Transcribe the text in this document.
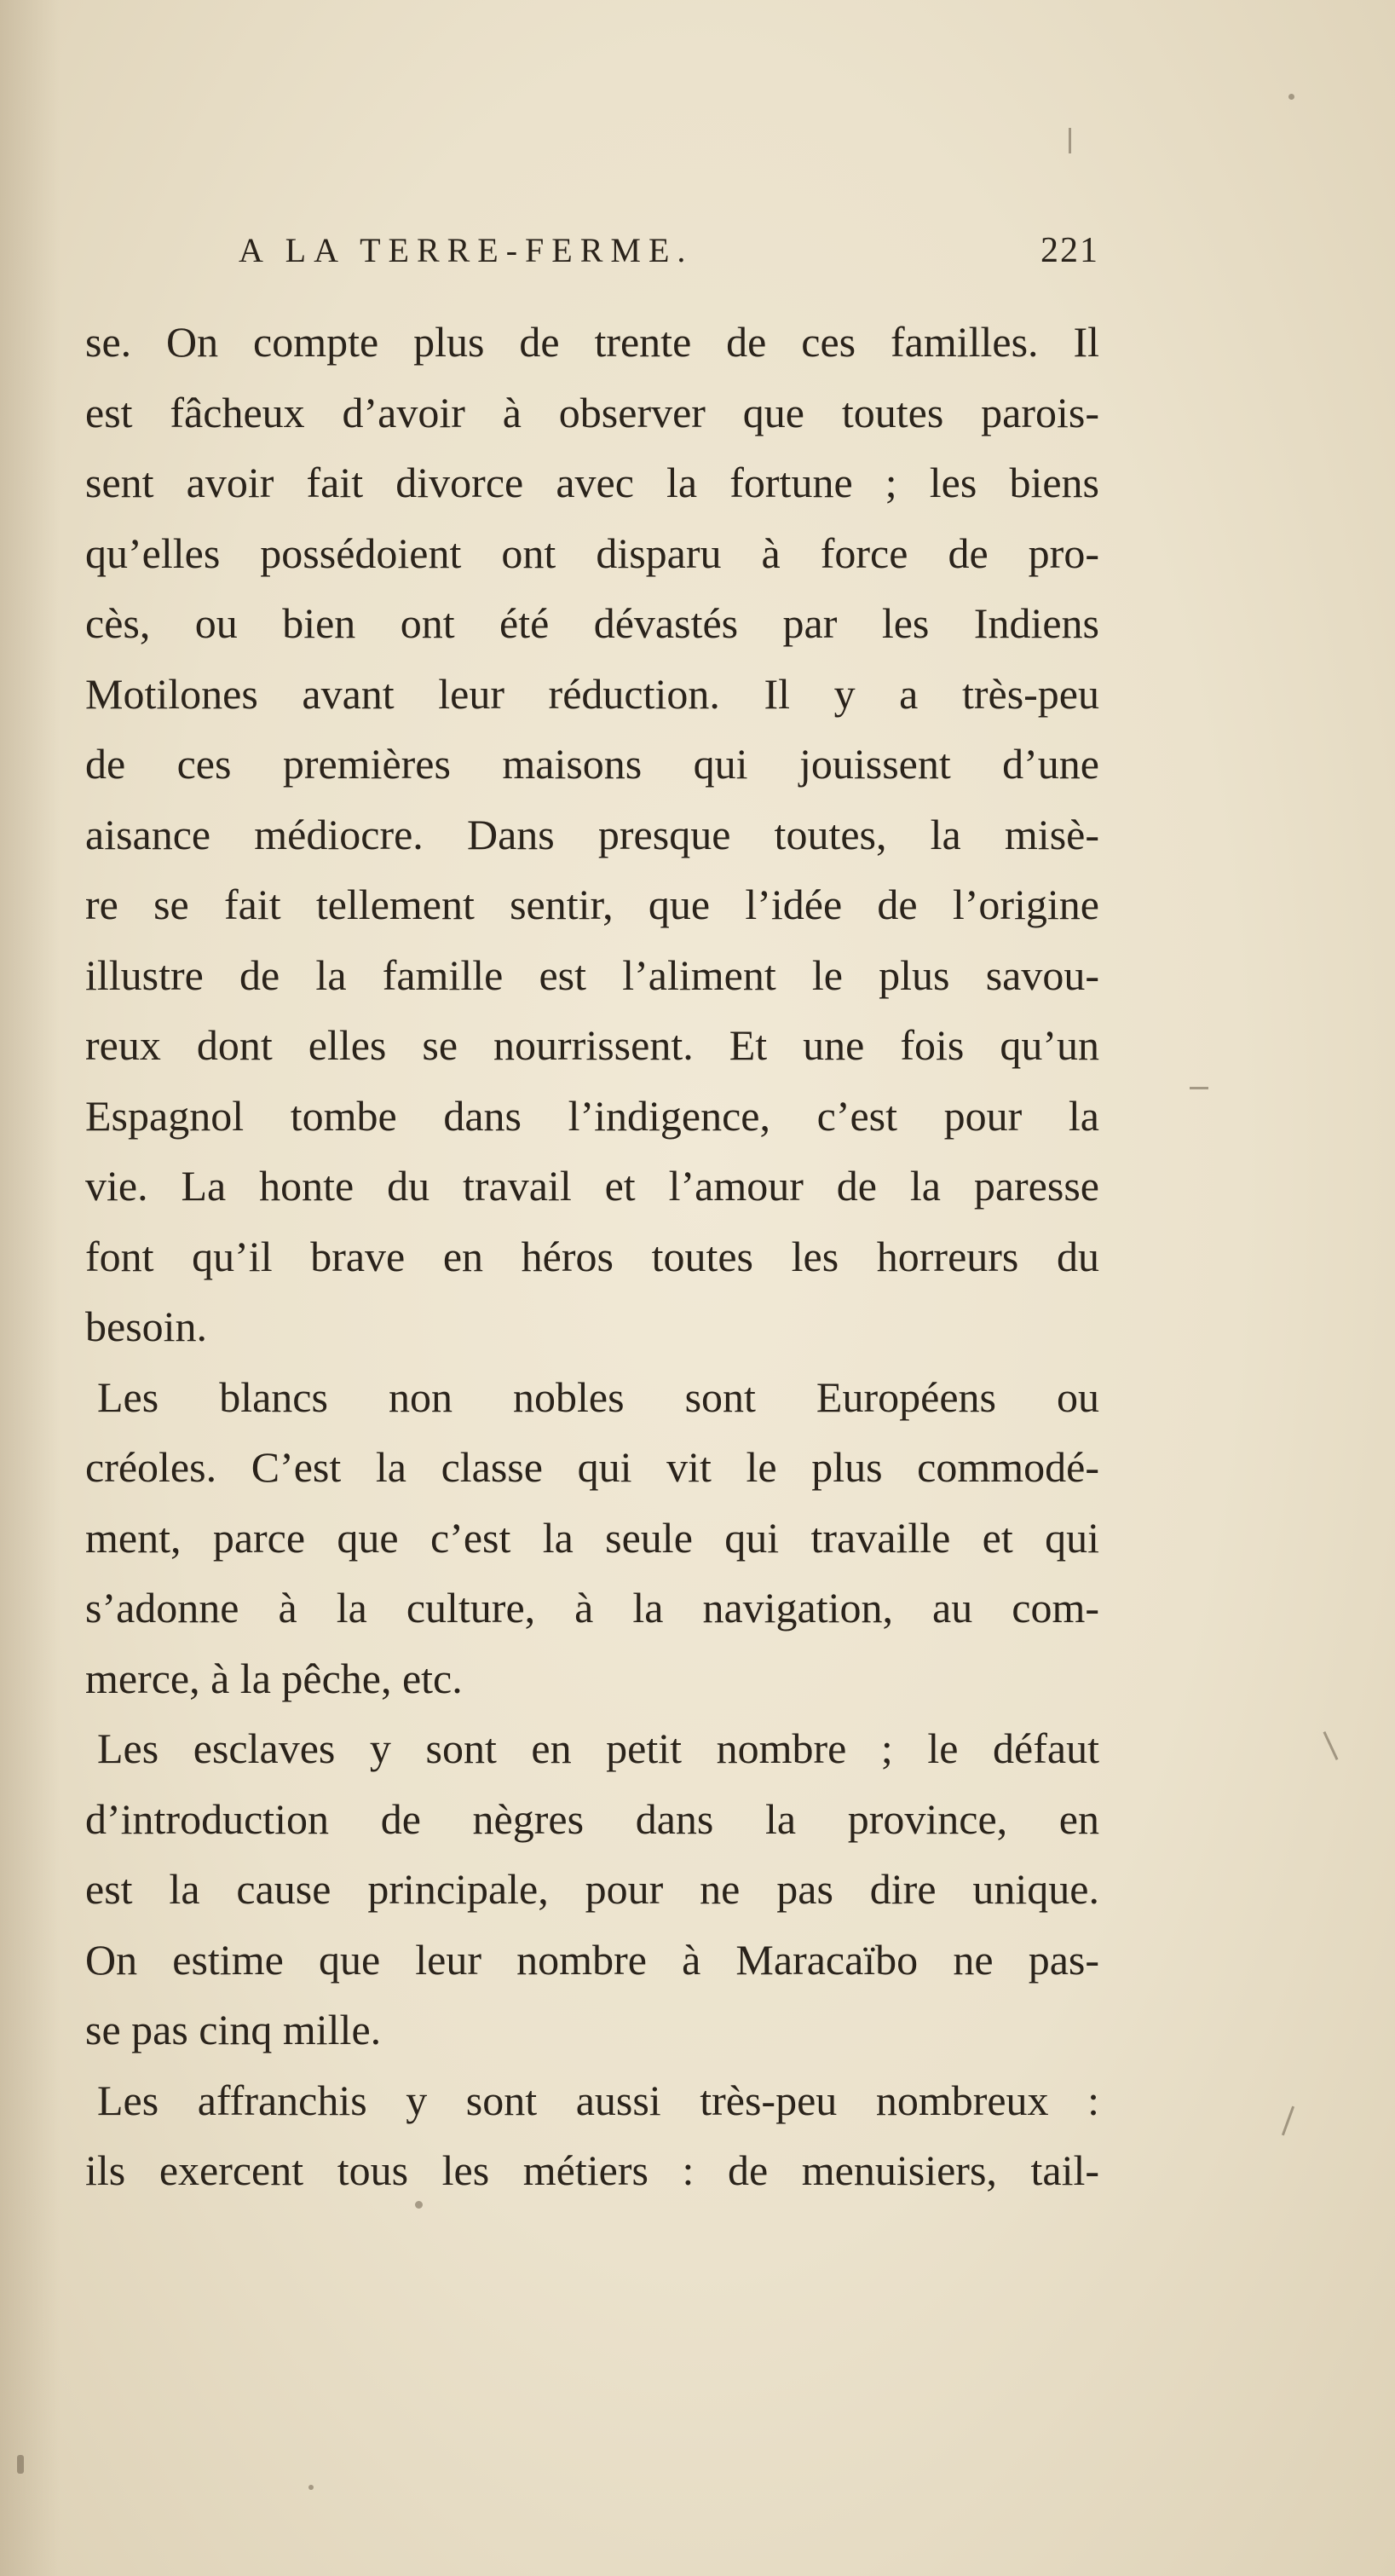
A LA TERRE-FERME.	221
se. On compte plus de trente de ces familles. Il
est fâcheux d’avoir à observer que toutes parois-
sent avoir fait divorce avec la fortune ; les biens
qu’elles possédoient ont disparu à force de pro-
cès, ou bien ont été dévastés par les Indiens
Motilones avant leur réduction. Il y a très-peu
de ces premières maisons qui jouissent d’une
aisance médiocre. Dans presque toutes, la misè-
re se fait tellement sentir, que l’idée de l’origine
illustre de la famille est l’aliment le plus savou-
reux dont elles se nourrissent. Et une fois qu’un
Espagnol tombe dans l’indigence, c’est pour la
vie. La honte du travail et l’amour de la paresse
font qu’il brave en héros toutes les horreurs du
besoin.
Les blancs non nobles sont Européens ou
créoles. C’est la classe qui vit le plus commodé-
ment, parce que c’est la seule qui travaille et qui
s’adonne à la culture, à la navigation, au com-
merce, à la pêche, etc.
Les esclaves y sont en petit nombre ; le défaut
d’introduction de nègres dans la province, en
est la cause principale, pour ne pas dire unique.
On estime que leur nombre à Maracaïbo ne pas-
se pas cinq mille.
Les affranchis y sont aussi très-peu nombreux :
ils exercent tous les métiers : de menuisiers, tail-
